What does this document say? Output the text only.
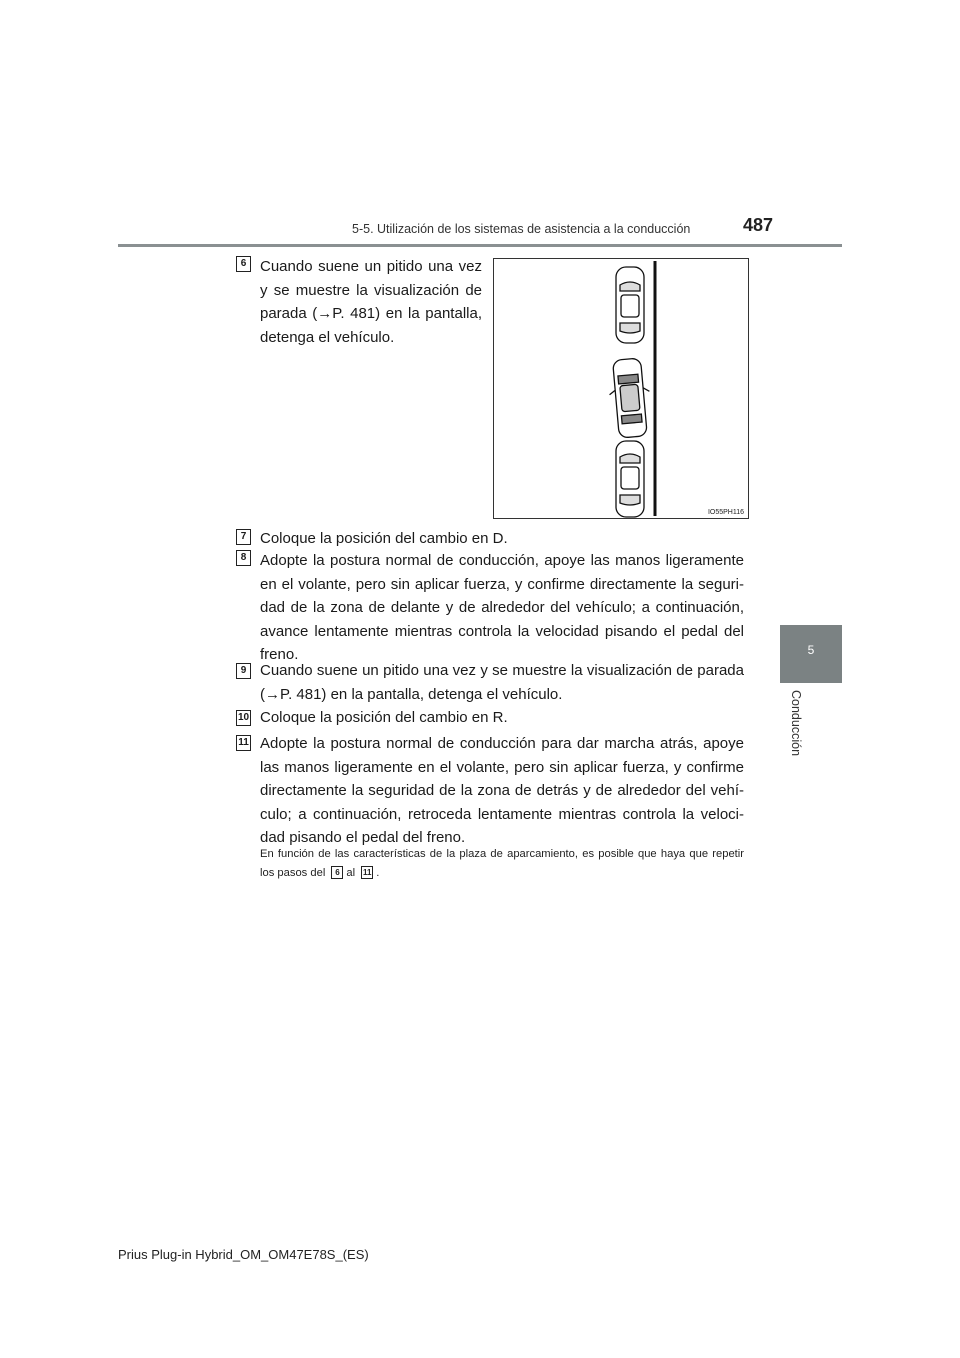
5-5. Utilización de los sistemas de asistencia a la conducción	487
5
Conducción
6 Cuando suene un pitido una vez y se muestre la visualización de parada (→P. 481) en la pantalla, detenga el vehículo.
IO55PH116
7 Coloque la posición del cambio en D.
8 Adopte la postura normal de conducción, apoye las manos ligeramente en el volante, pero sin aplicar fuerza, y confirme directamente la seguridad de la zona de delante y de alrededor del vehículo; a continuación, avance lentamente mientras controla la velocidad pisando el pedal del freno.
9 Cuando suene un pitido una vez y se muestre la visualización de parada (→P. 481) en la pantalla, detenga el vehículo.
10 Coloque la posición del cambio en R.
11 Adopte la postura normal de conducción para dar marcha atrás, apoye las manos ligeramente en el volante, pero sin aplicar fuerza, y confirme directamente la seguridad de la zona de detrás y de alrededor del vehículo; a continuación, retroceda lentamente mientras controla la velocidad pisando el pedal del freno.
En función de las características de la plaza de aparcamiento, es posible que haya que repetir los pasos del 6 al 11 .
Prius Plug-in Hybrid_OM_OM47E78S_(ES)
